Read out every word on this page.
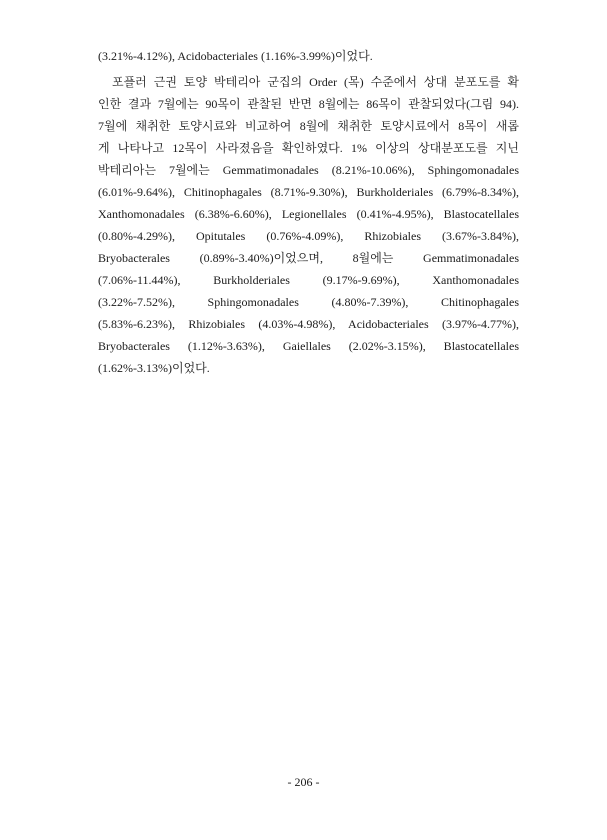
(3.21%-4.12%), Acidobacteriales (1.16%-3.99%)이었다.
포플러 근권 토양 박테리아 군집의 Order (목) 수준에서 상대 분포도를 확
인한 결과 7월에는 90목이 관찰된 반면 8월에는 86목이 관찰되었다(그림 94).
7월에 채취한 토양시료와 비교하여 8월에 채취한 토양시료에서 8목이 새롭
게 나타나고 12목이 사라졌음을 확인하였다. 1% 이상의 상대분포도를 지닌
박테리아는 7월에는 Gemmatimonadales (8.21%-10.06%), Sphingomonadales
(6.01%-9.64%), Chitinophagales (8.71%-9.30%), Burkholderiales (6.79%-8.34%),
Xanthomonadales (6.38%-6.60%), Legionellales (0.41%-4.95%), Blastocatellales
(0.80%-4.29%), Opitutales (0.76%-4.09%), Rhizobiales (3.67%-3.84%),
Bryobacterales (0.89%-3.40%)이었으며, 8월에는 Gemmatimonadales
(7.06%-11.44%), Burkholderiales (9.17%-9.69%), Xanthomonadales
(3.22%-7.52%), Sphingomonadales (4.80%-7.39%), Chitinophagales
(5.83%-6.23%), Rhizobiales (4.03%-4.98%), Acidobacteriales (3.97%-4.77%),
Bryobacterales (1.12%-3.63%), Gaiellales (2.02%-3.15%), Blastocatellales
(1.62%-3.13%)이었다.
- 206 -
